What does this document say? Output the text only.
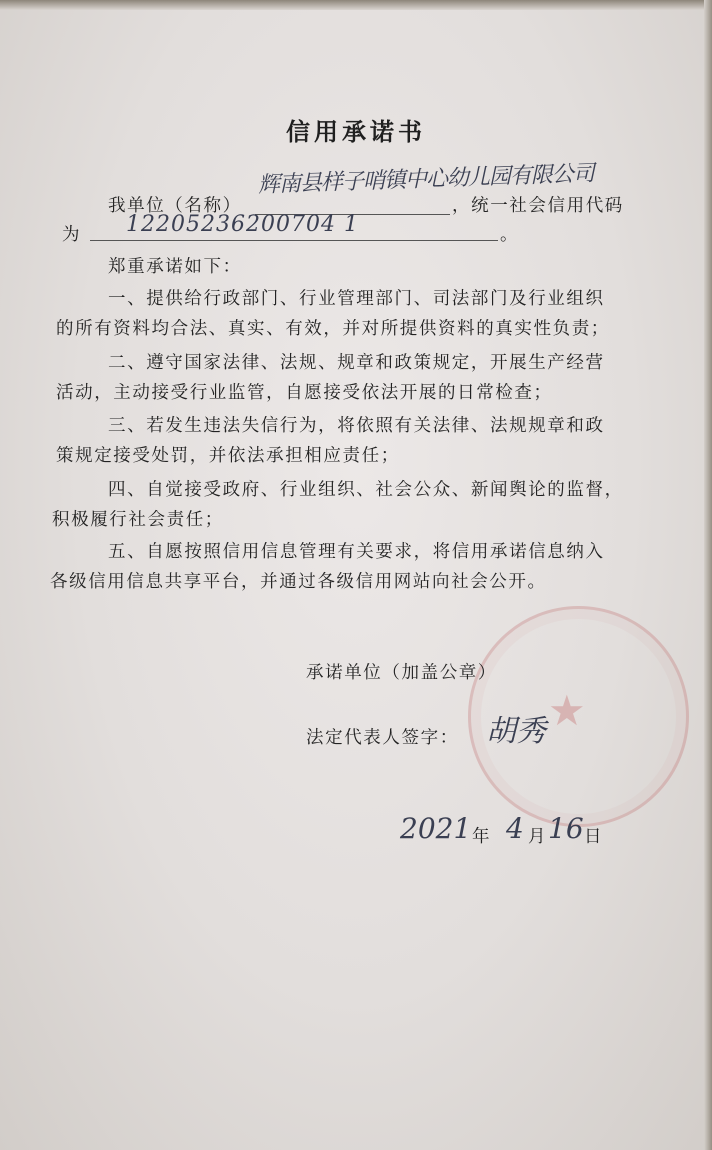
信用承诺书
我单位（名称）
辉南县样子哨镇中心幼儿园有限公司
，统一社会信用代码
为 12205236200704 1	。
郑重承诺如下：
一、提供给行政部门、行业管理部门、司法部门及行业组织
的所有资料均合法、真实、有效，并对所提供资料的真实性负责；
二、遵守国家法律、法规、规章和政策规定，开展生产经营
活动，主动接受行业监管，自愿接受依法开展的日常检查；
三、若发生违法失信行为，将依照有关法律、法规规章和政
策规定接受处罚，并依法承担相应责任；
四、自觉接受政府、行业组织、社会公众、新闻舆论的监督，
积极履行社会责任；
五、自愿按照信用信息管理有关要求，将信用承诺信息纳入
各级信用信息共享平台，并通过各级信用网站向社会公开。
★
承诺单位（加盖公章）
法定代表人签字： 胡秀
2021 年 4 月 16 日
